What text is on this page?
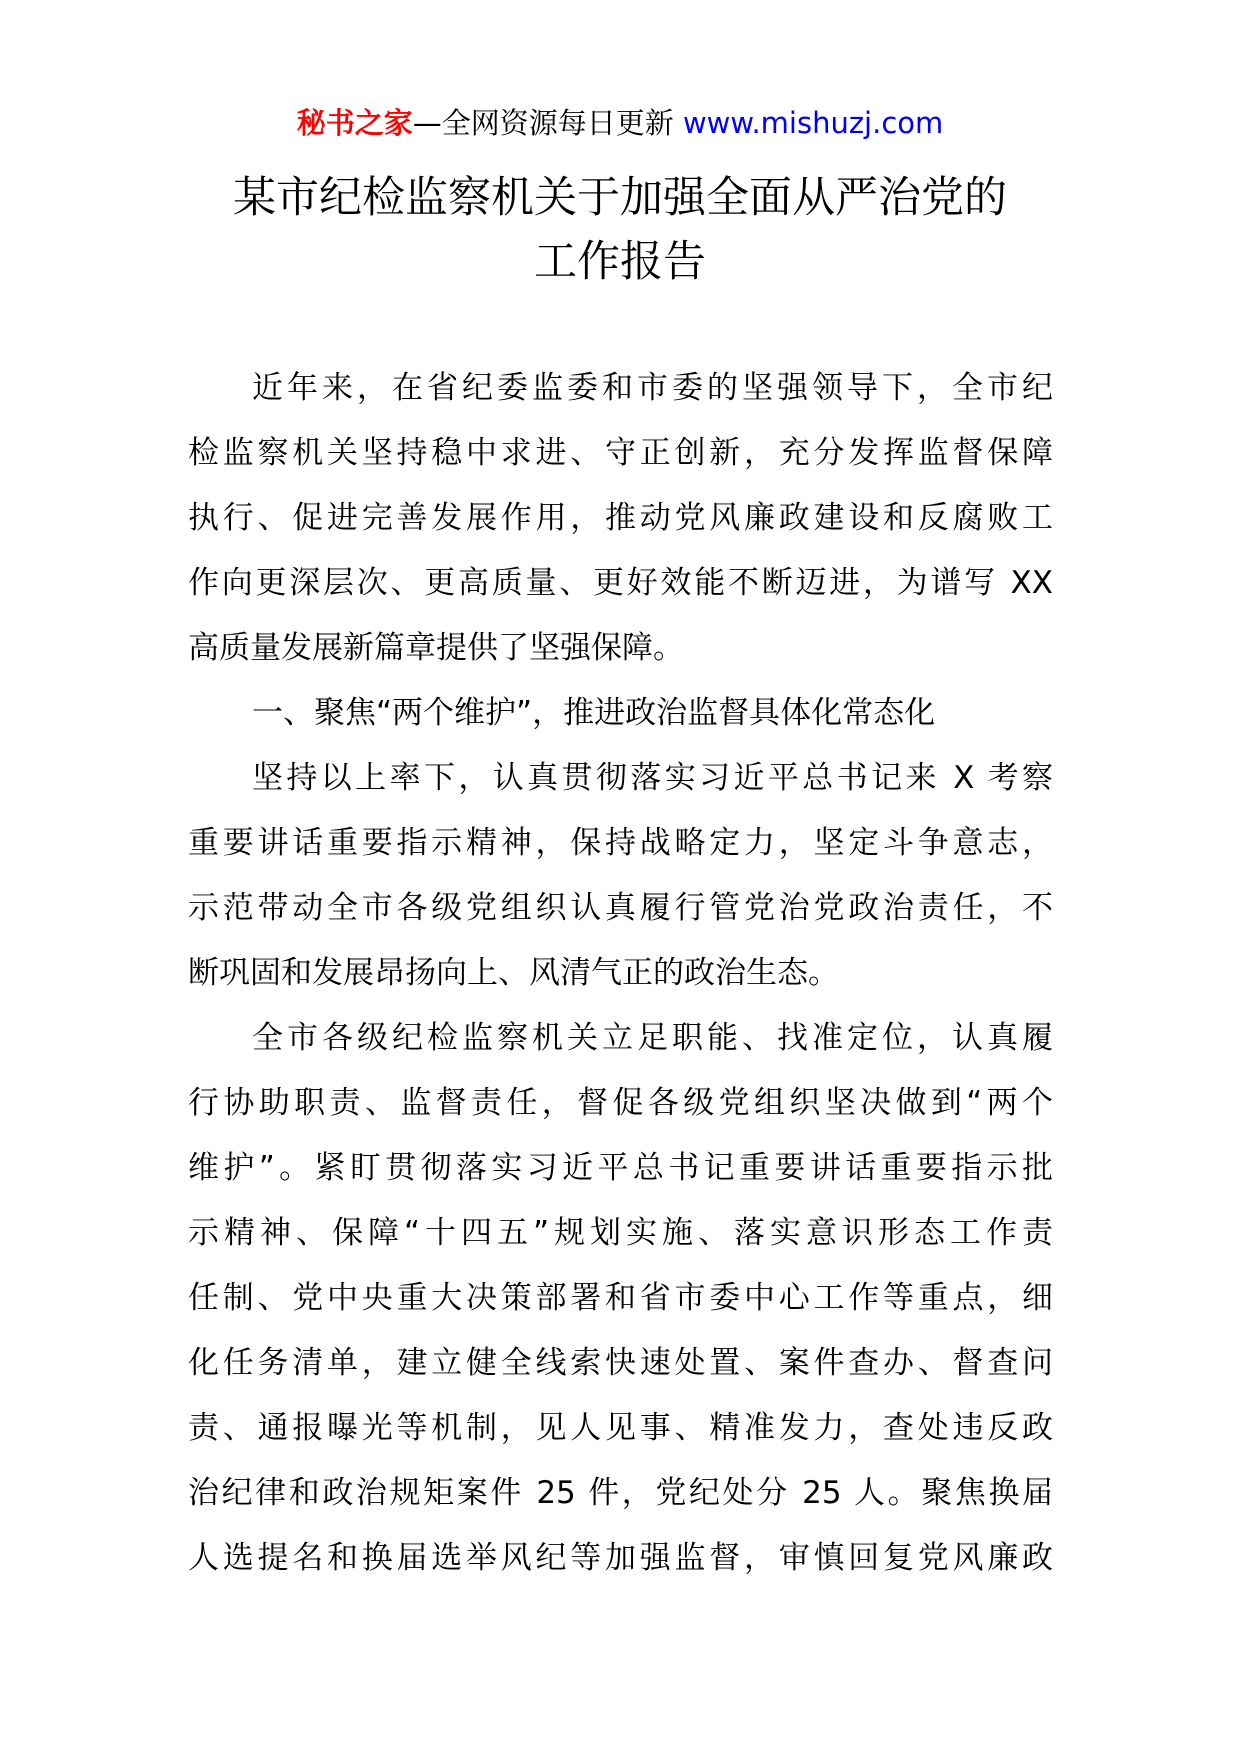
秘书之家—全网资源每日更新 www.mishuzj.com
某市纪检监察机关于加强全面从严治党的
工作报告
近年来，在省纪委监委和市委的坚强领导下，全市纪
检监察机关坚持稳中求进、守正创新，充分发挥监督保障
执行、促进完善发展作用，推动党风廉政建设和反腐败工
作向更深层次、更高质量、更好效能不断迈进，为谱写 XX
高质量发展新篇章提供了坚强保障。
一、聚焦“两个维护”，推进政治监督具体化常态化
坚持以上率下，认真贯彻落实习近平总书记来 X 考察
重要讲话重要指示精神，保持战略定力，坚定斗争意志，
示范带动全市各级党组织认真履行管党治党政治责任，不
断巩固和发展昂扬向上、风清气正的政治生态。
全市各级纪检监察机关立足职能、找准定位，认真履
行协助职责、监督责任，督促各级党组织坚决做到“两个
维护”。紧盯贯彻落实习近平总书记重要讲话重要指示批
示精神、保障“十四五”规划实施、落实意识形态工作责
任制、党中央重大决策部署和省市委中心工作等重点，细
化任务清单，建立健全线索快速处置、案件查办、督查问
责、通报曝光等机制，见人见事、精准发力，查处违反政
治纪律和政治规矩案件 25 件，党纪处分 25 人。聚焦换届
人选提名和换届选举风纪等加强监督，审慎回复党风廉政
